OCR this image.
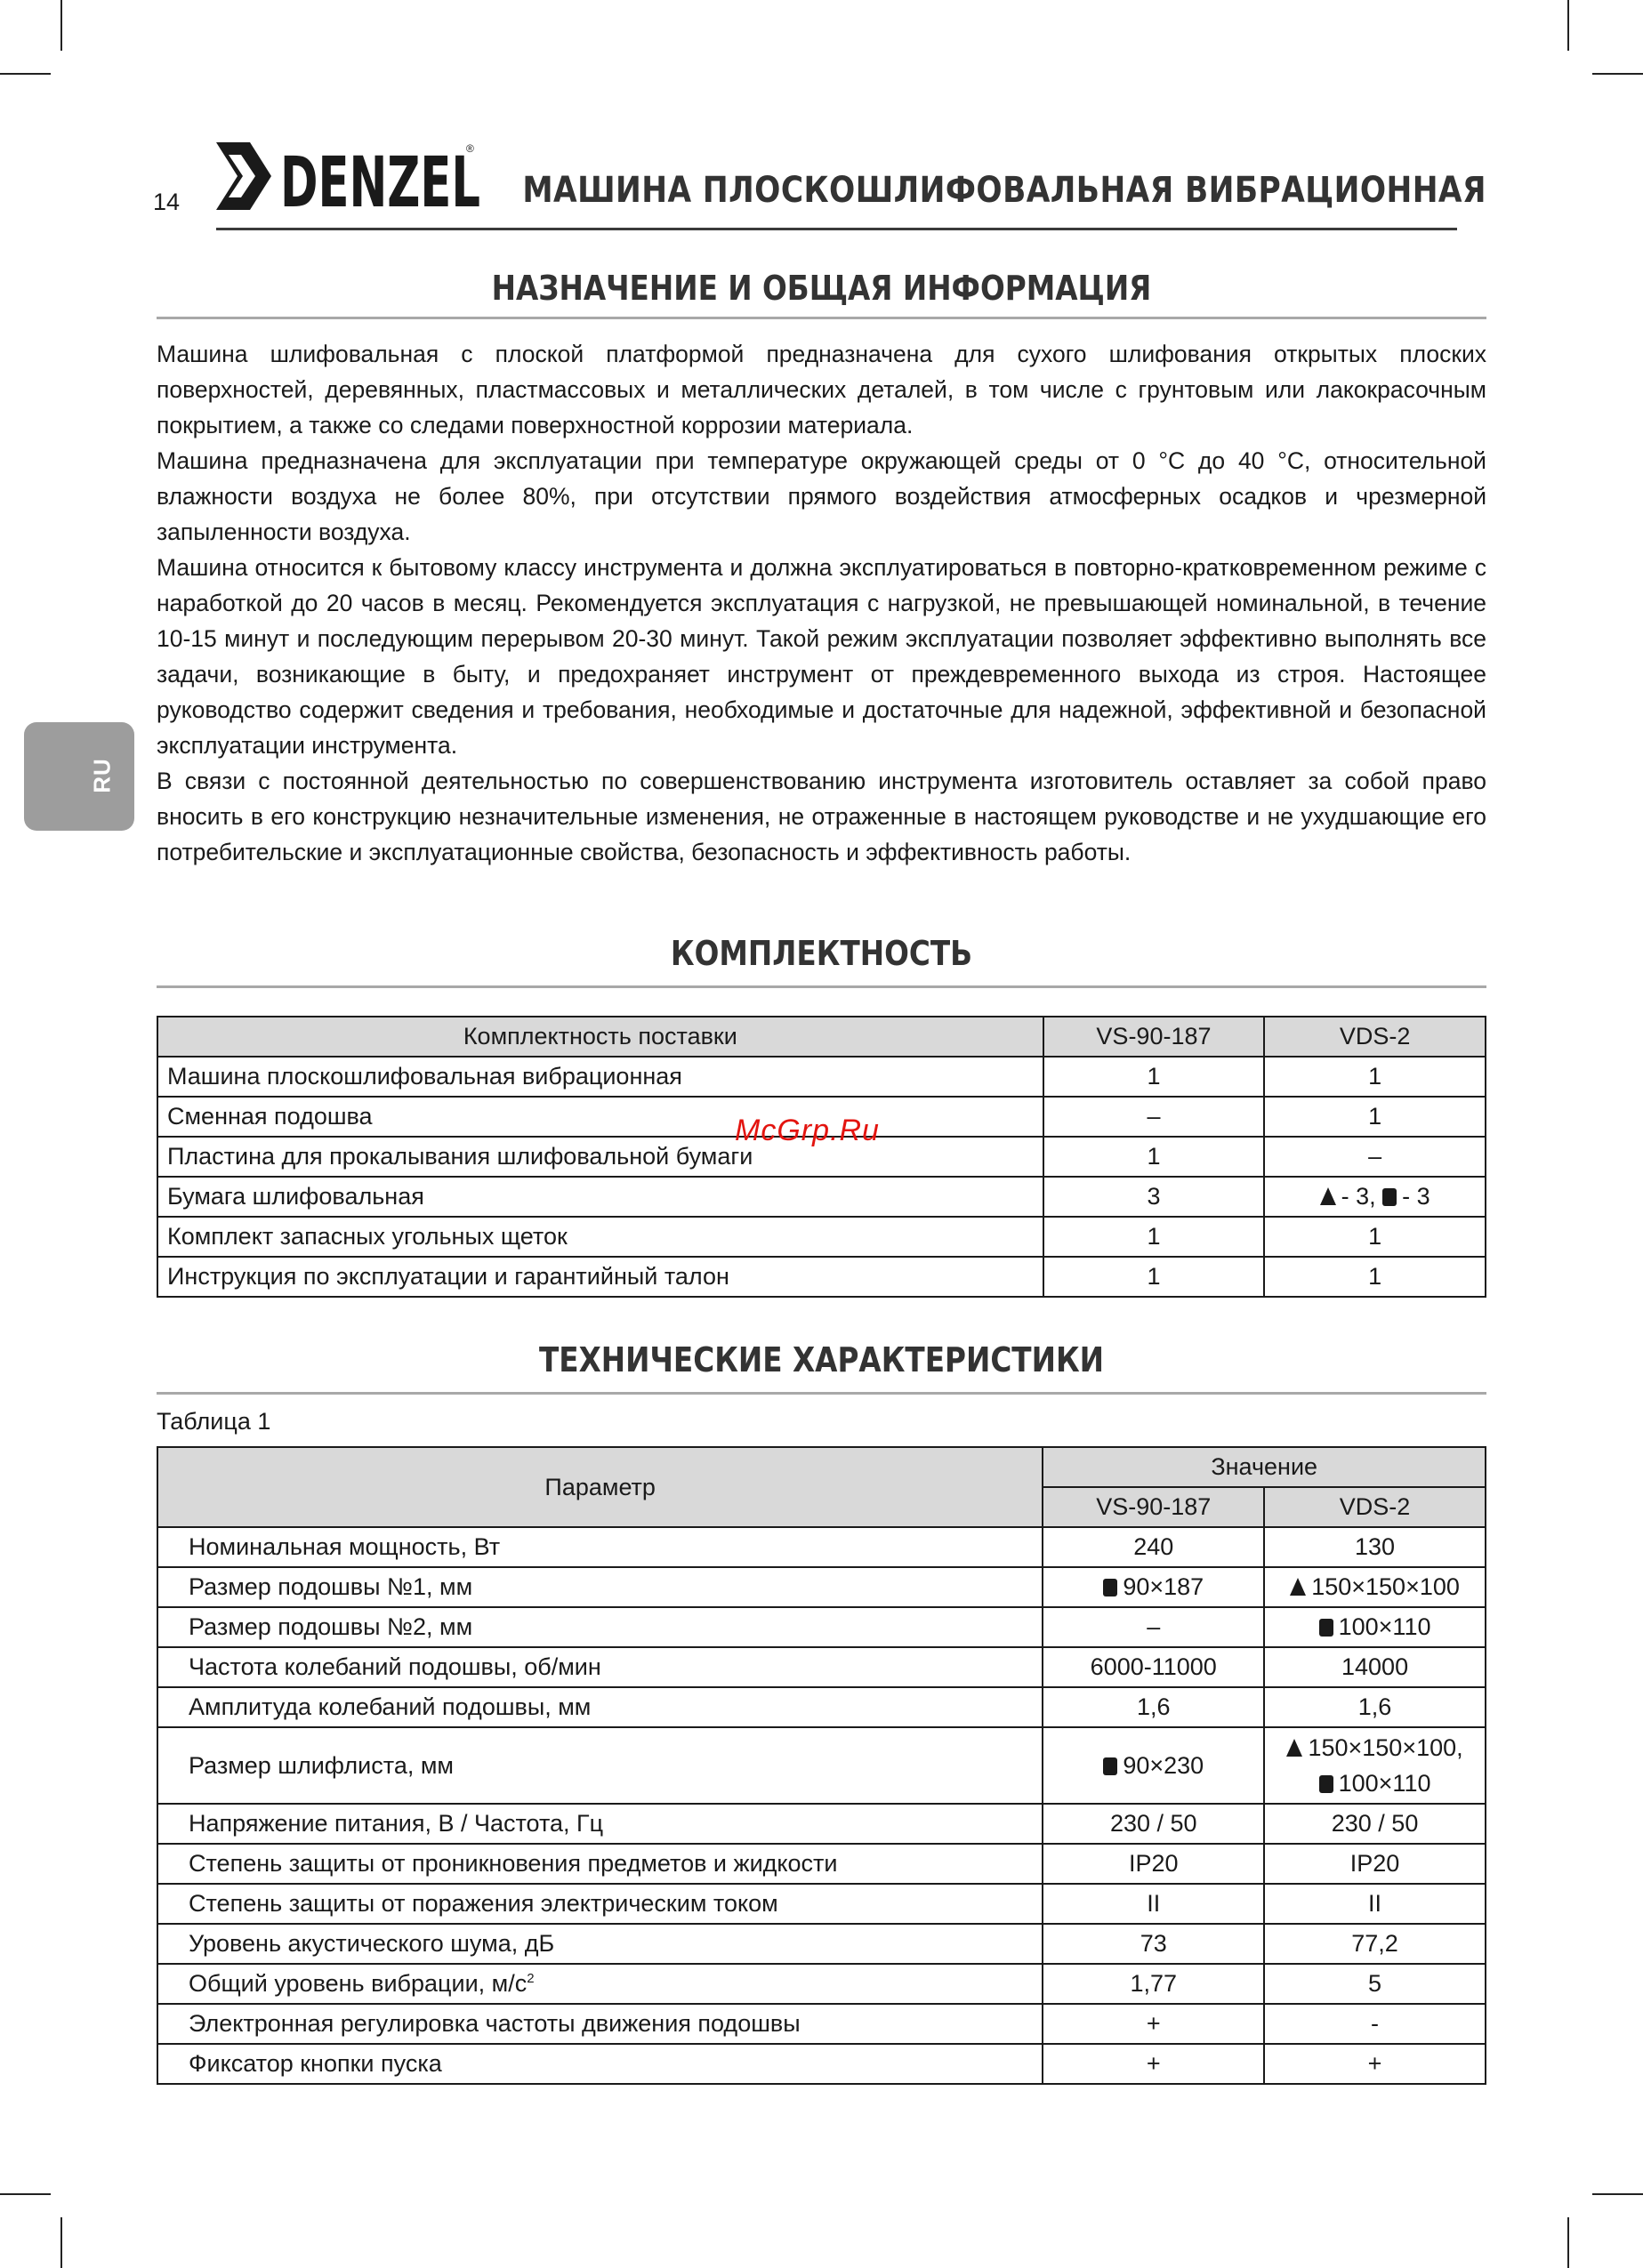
14 DENZEL
®
МАШИНА ПЛОСКОШЛИФОВАЛЬНАЯ ВИБРАЦИОННАЯ
НАЗНАЧЕНИЕ И ОБЩАЯ ИНФОРМАЦИЯ

Машина шлифовальная с плоской платформой предназначена для сухого шлифования открытых плоских поверхностей, деревянных, пластмассовых и металлических деталей, в том числе с грунтовым или лакокрасочным покрытием, а также со следами поверхностной коррозии материала.

Машина предназначена для эксплуатации при температуре окружающей среды от 0 °С до 40 °С, относительной влажности воздуха не более 80%, при отсутствии прямого воздействия атмосферных осадков и чрезмерной запыленности воздуха.

Машина относится к бытовому классу инструмента и должна эксплуатироваться в повторно-кратковременном режиме с наработкой до 20 часов в месяц. Рекомендуется эксплуатация с нагрузкой, не превышающей номинальной, в течение 10-15 минут и последующим перерывом 20-30 минут. Такой режим эксплуатации позволяет эффективно выполнять все задачи, возникающие в быту, и предохраняет инструмент от преждевременного выхода из строя. Настоящее руководство содержит сведения и требования, необходимые и достаточные для надежной, эффективной и безопасной эксплуатации инструмента.

В связи с постоянной деятельностью по совершенствованию инструмента изготовитель оставляет за собой право вносить в его конструкцию незначительные изменения, не отраженные в настоящем руководстве и не ухудшающие его потребительские и эксплуатационные свойства, безопасность и эффективность работы.

RU
КОМПЛЕКТНОСТЬ
Комплектность поставки	VS-90-187	VDS-2
Машина плоскошлифовальная вибрационная	1	1
Сменная подошва	–	1
Пластина для прокалывания шлифовальной бумаги	1	–
Бумага шлифовальная	3	- 3, - 3
Комплект запасных угольных щеток	1	1
Инструкция по эксплуатации и гарантийный талон	1	1
McGrp.Ru
ТЕХНИЧЕСКИЕ ХАРАКТЕРИСТИКИ
Таблица 1
Параметр	Значение	
	VS-90-187	VDS-2
Номинальная мощность, Вт	240	130
Размер подошвы №1, мм	90×187	150×150×100
Размер подошвы №2, мм	–	100×110
Частота колебаний подошвы, об/мин	6000-11000	14000
Амплитуда колебаний подошвы, мм	1,6	1,6
Размер шлифлиста, мм	90×230	150×150×100,
100×110
Напряжение питания, В / Частота, Гц	230 / 50	230 / 50
Степень защиты от проникновения предметов и жидкости	IP20	IP20
Степень защиты от поражения электрическим током	II	II
Уровень акустического шума, дБ	73	77,2
Общий уровень вибрации, $м/с^2$	1,77	5
Электронная регулировка частоты движения подошвы	+	-
Фиксатор кнопки пуска	+	+
